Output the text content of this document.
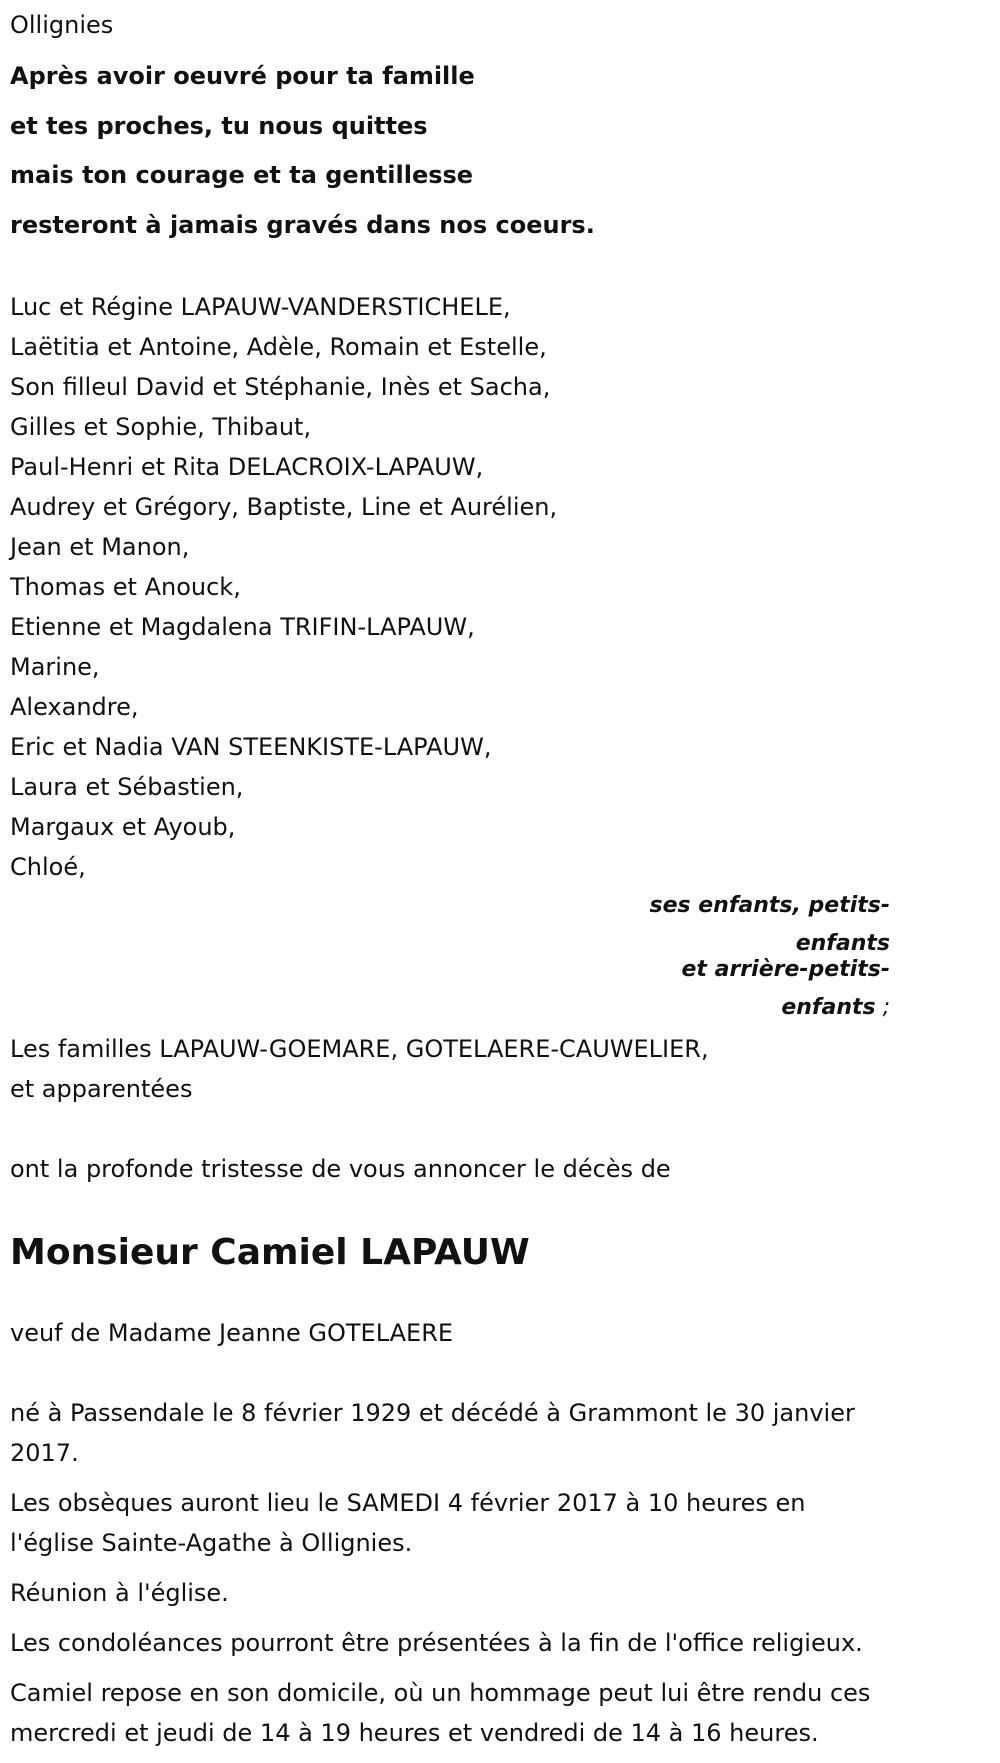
Ollignies

Après avoir oeuvré pour ta famille

et tes proches, tu nous quittes

mais ton courage et ta gentillesse

resteront à jamais gravés dans nos coeurs.

Luc et Régine LAPAUW-VANDERSTICHELE,
Laëtitia et Antoine, Adèle, Romain et Estelle,
Son filleul David et Stéphanie, Inès et Sacha,
Gilles et Sophie, Thibaut,
Paul-Henri et Rita DELACROIX-LAPAUW,
Audrey et Grégory, Baptiste, Line et Aurélien,
Jean et Manon,
Thomas et Anouck,
Etienne et Magdalena TRIFIN-LAPAUW,
Marine,
Alexandre,
Eric et Nadia VAN STEENKISTE-LAPAUW,
Laura et Sébastien,
Margaux et Ayoub,
Chloé,
ses enfants, petits-enfants
et arrière-petits-enfants ;
Les familles LAPAUW-GOEMARE, GOTELAERE-CAUWELIER,
et apparentées
ont la profonde tristesse de vous annoncer le décès de
Monsieur Camiel LAPAUW
veuf de Madame Jeanne GOTELAERE

né à Passendale le 8 février 1929 et décédé à Grammont le 30 janvier 2017.

Les obsèques auront lieu le SAMEDI 4 février 2017 à 10 heures en l'église Sainte-Agathe à Ollignies.

Réunion à l'église.

Les condoléances pourront être présentées à la fin de l'office religieux.

Camiel repose en son domicile, où un hommage peut lui être rendu ces mercredi et jeudi de 14 à 19 heures et vendredi de 14 à 16 heures.
